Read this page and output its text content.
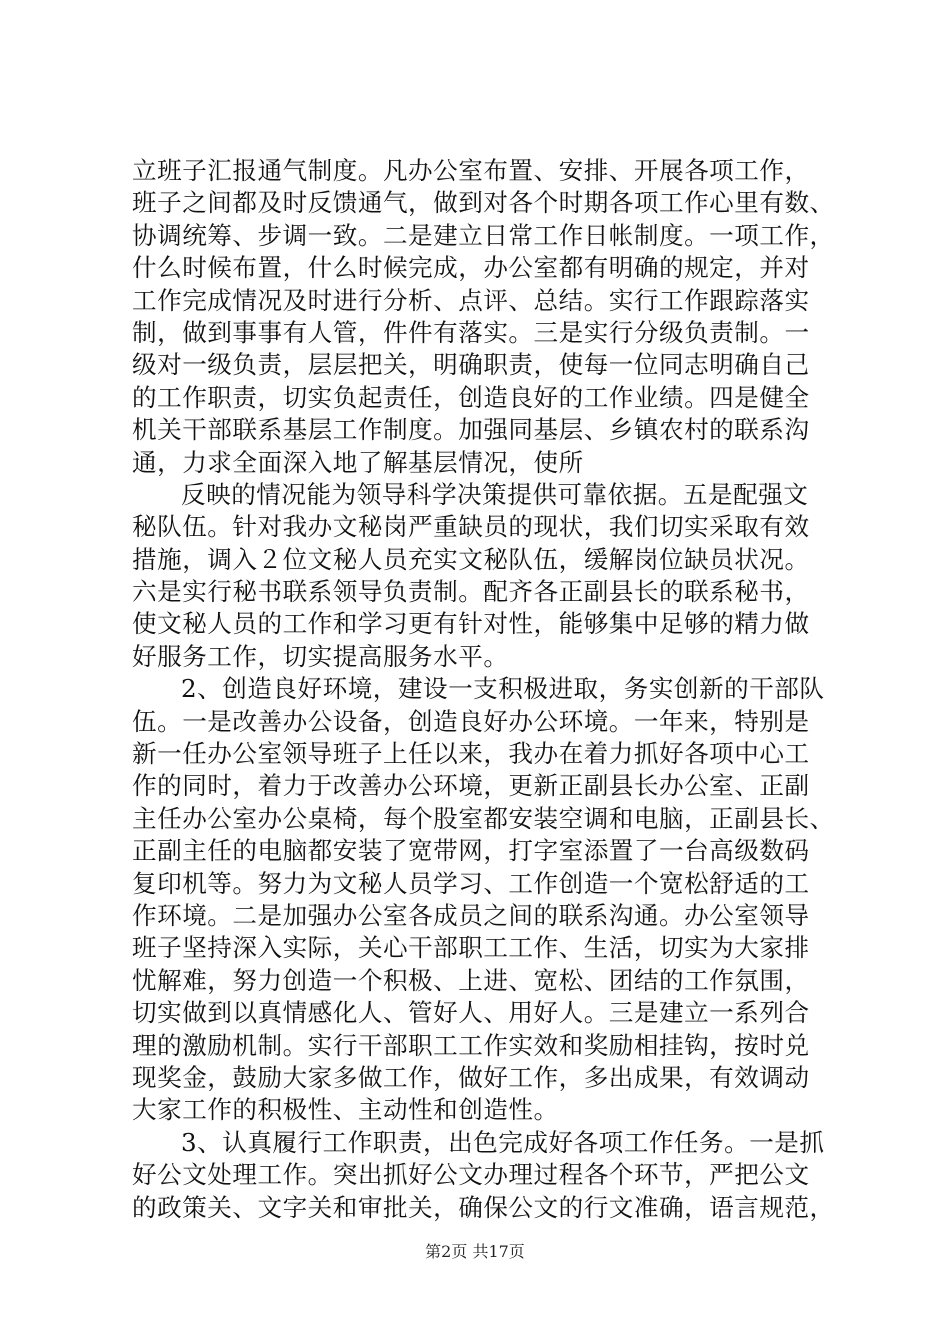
立班子汇报通气制度。凡办公室布置、安排、开展各项工作，
班子之间都及时反馈通气，做到对各个时期各项工作心里有数、
协调统筹、步调一致。二是建立日常工作日帐制度。一项工作，
什么时候布置，什么时候完成，办公室都有明确的规定，并对
工作完成情况及时进行分析、点评、总结。实行工作跟踪落实
制，做到事事有人管，件件有落实。三是实行分级负责制。一
级对一级负责，层层把关，明确职责，使每一位同志明确自己
的工作职责，切实负起责任，创造良好的工作业绩。四是健全
机关干部联系基层工作制度。加强同基层、乡镇农村的联系沟
通，力求全面深入地了解基层情况，使所
反映的情况能为领导科学决策提供可靠依据。五是配强文
秘队伍。针对我办文秘岗严重缺员的现状，我们切实采取有效
措施，调入２位文秘人员充实文秘队伍，缓解岗位缺员状况。
六是实行秘书联系领导负责制。配齐各正副县长的联系秘书，
使文秘人员的工作和学习更有针对性，能够集中足够的精力做
好服务工作，切实提高服务水平。
2、创造良好环境，建设一支积极进取，务实创新的干部队
伍。一是改善办公设备，创造良好办公环境。一年来，特别是
新一任办公室领导班子上任以来，我办在着力抓好各项中心工
作的同时，着力于改善办公环境，更新正副县长办公室、正副
主任办公室办公桌椅，每个股室都安装空调和电脑，正副县长、
正副主任的电脑都安装了宽带网，打字室添置了一台高级数码
复印机等。努力为文秘人员学习、工作创造一个宽松舒适的工
作环境。二是加强办公室各成员之间的联系沟通。办公室领导
班子坚持深入实际，关心干部职工工作、生活，切实为大家排
忧解难，努力创造一个积极、上进、宽松、团结的工作氛围，
切实做到以真情感化人、管好人、用好人。三是建立一系列合
理的激励机制。实行干部职工工作实效和奖励相挂钩，按时兑
现奖金，鼓励大家多做工作，做好工作，多出成果，有效调动
大家工作的积极性、主动性和创造性。
3、认真履行工作职责，出色完成好各项工作任务。一是抓
好公文处理工作。突出抓好公文办理过程各个环节，严把公文
的政策关、文字关和审批关，确保公文的行文准确，语言规范，
第2页 共17页
